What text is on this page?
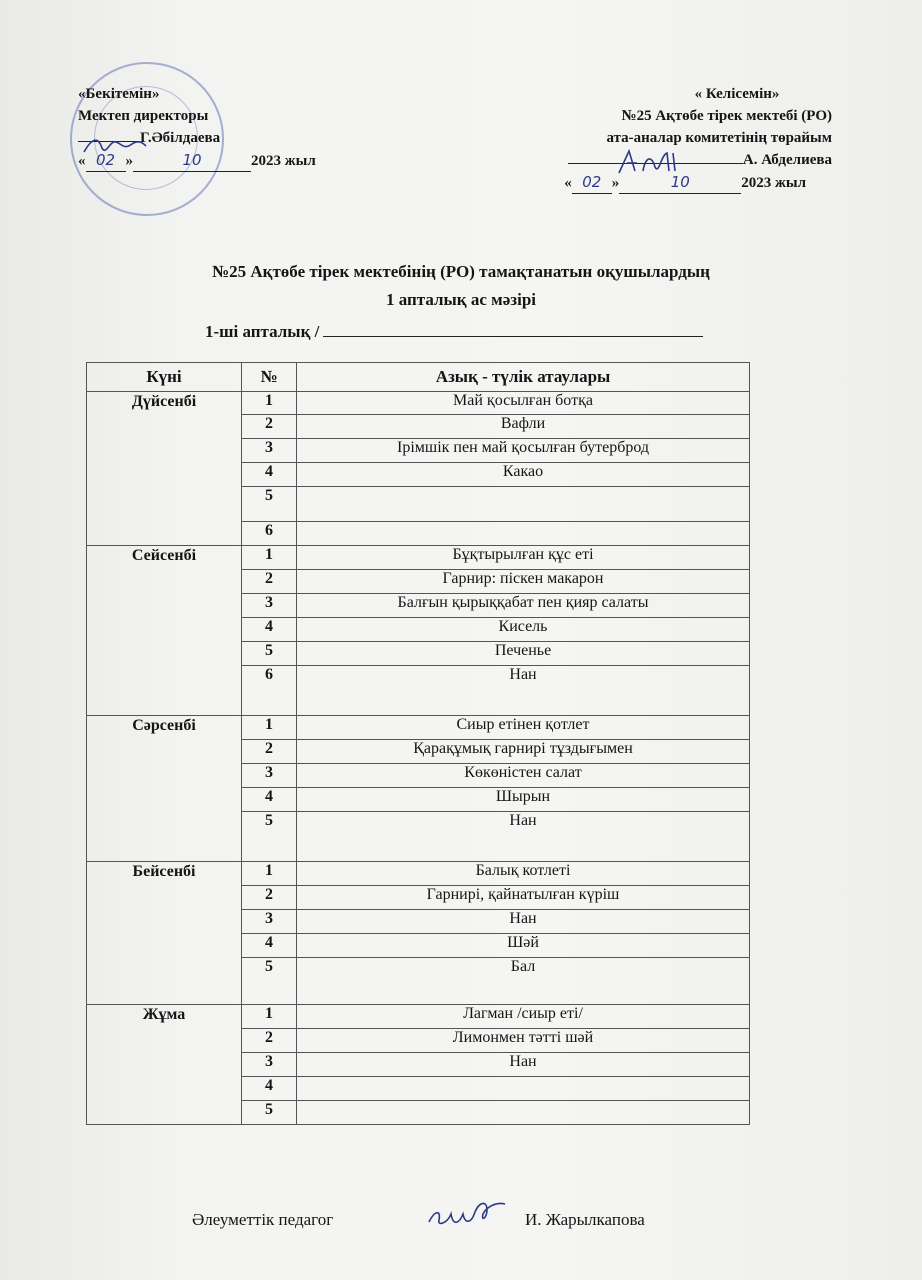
«Бекітемін»
Мектеп директоры
Г.Әбілдаева
« 02 »	10	2023 жыл
« Келісемін»
№25 Ақтөбе тірек мектебі (РО)
ата-аналар комитетінің төрайым
А. Абделиева
« 02 »	10	2023 жыл
№25 Ақтөбе тірек мектебінің (РО) тамақтанатын оқушылардың
1 апталық ас мәзірі
1-ші апталық /
Күні	№	Азық - түлік атаулары
Дүйсенбі	1	Май қосылған ботқа
	2	Вафли
	3	Ірімшік пен май қосылған бутерброд
	4	Какао
	5	
	6	
Сейсенбі	1	Бұқтырылған құс еті
	2	Гарнир: піскен макарон
	3	Балғын қырыққабат пен қияр салаты
	4	Кисель
	5	Печенье
	6	Нан
Сәрсенбі	1	Сиыр етінен қотлет
	2	Қарақұмық гарнирі тұздығымен
	3	Көкөністен салат
	4	Шырын
	5	Нан
Бейсенбі	1	Балық котлеті
	2	Гарнирі, қайнатылған күріш
	3	Нан
	4	Шәй
	5	Бал
Жұма	1	Лагман /сиыр еті/
	2	Лимонмен тәтті шәй
	3	Нан
	4	
	5	
Әлеуметтік педагог	И. Жарылкапова
